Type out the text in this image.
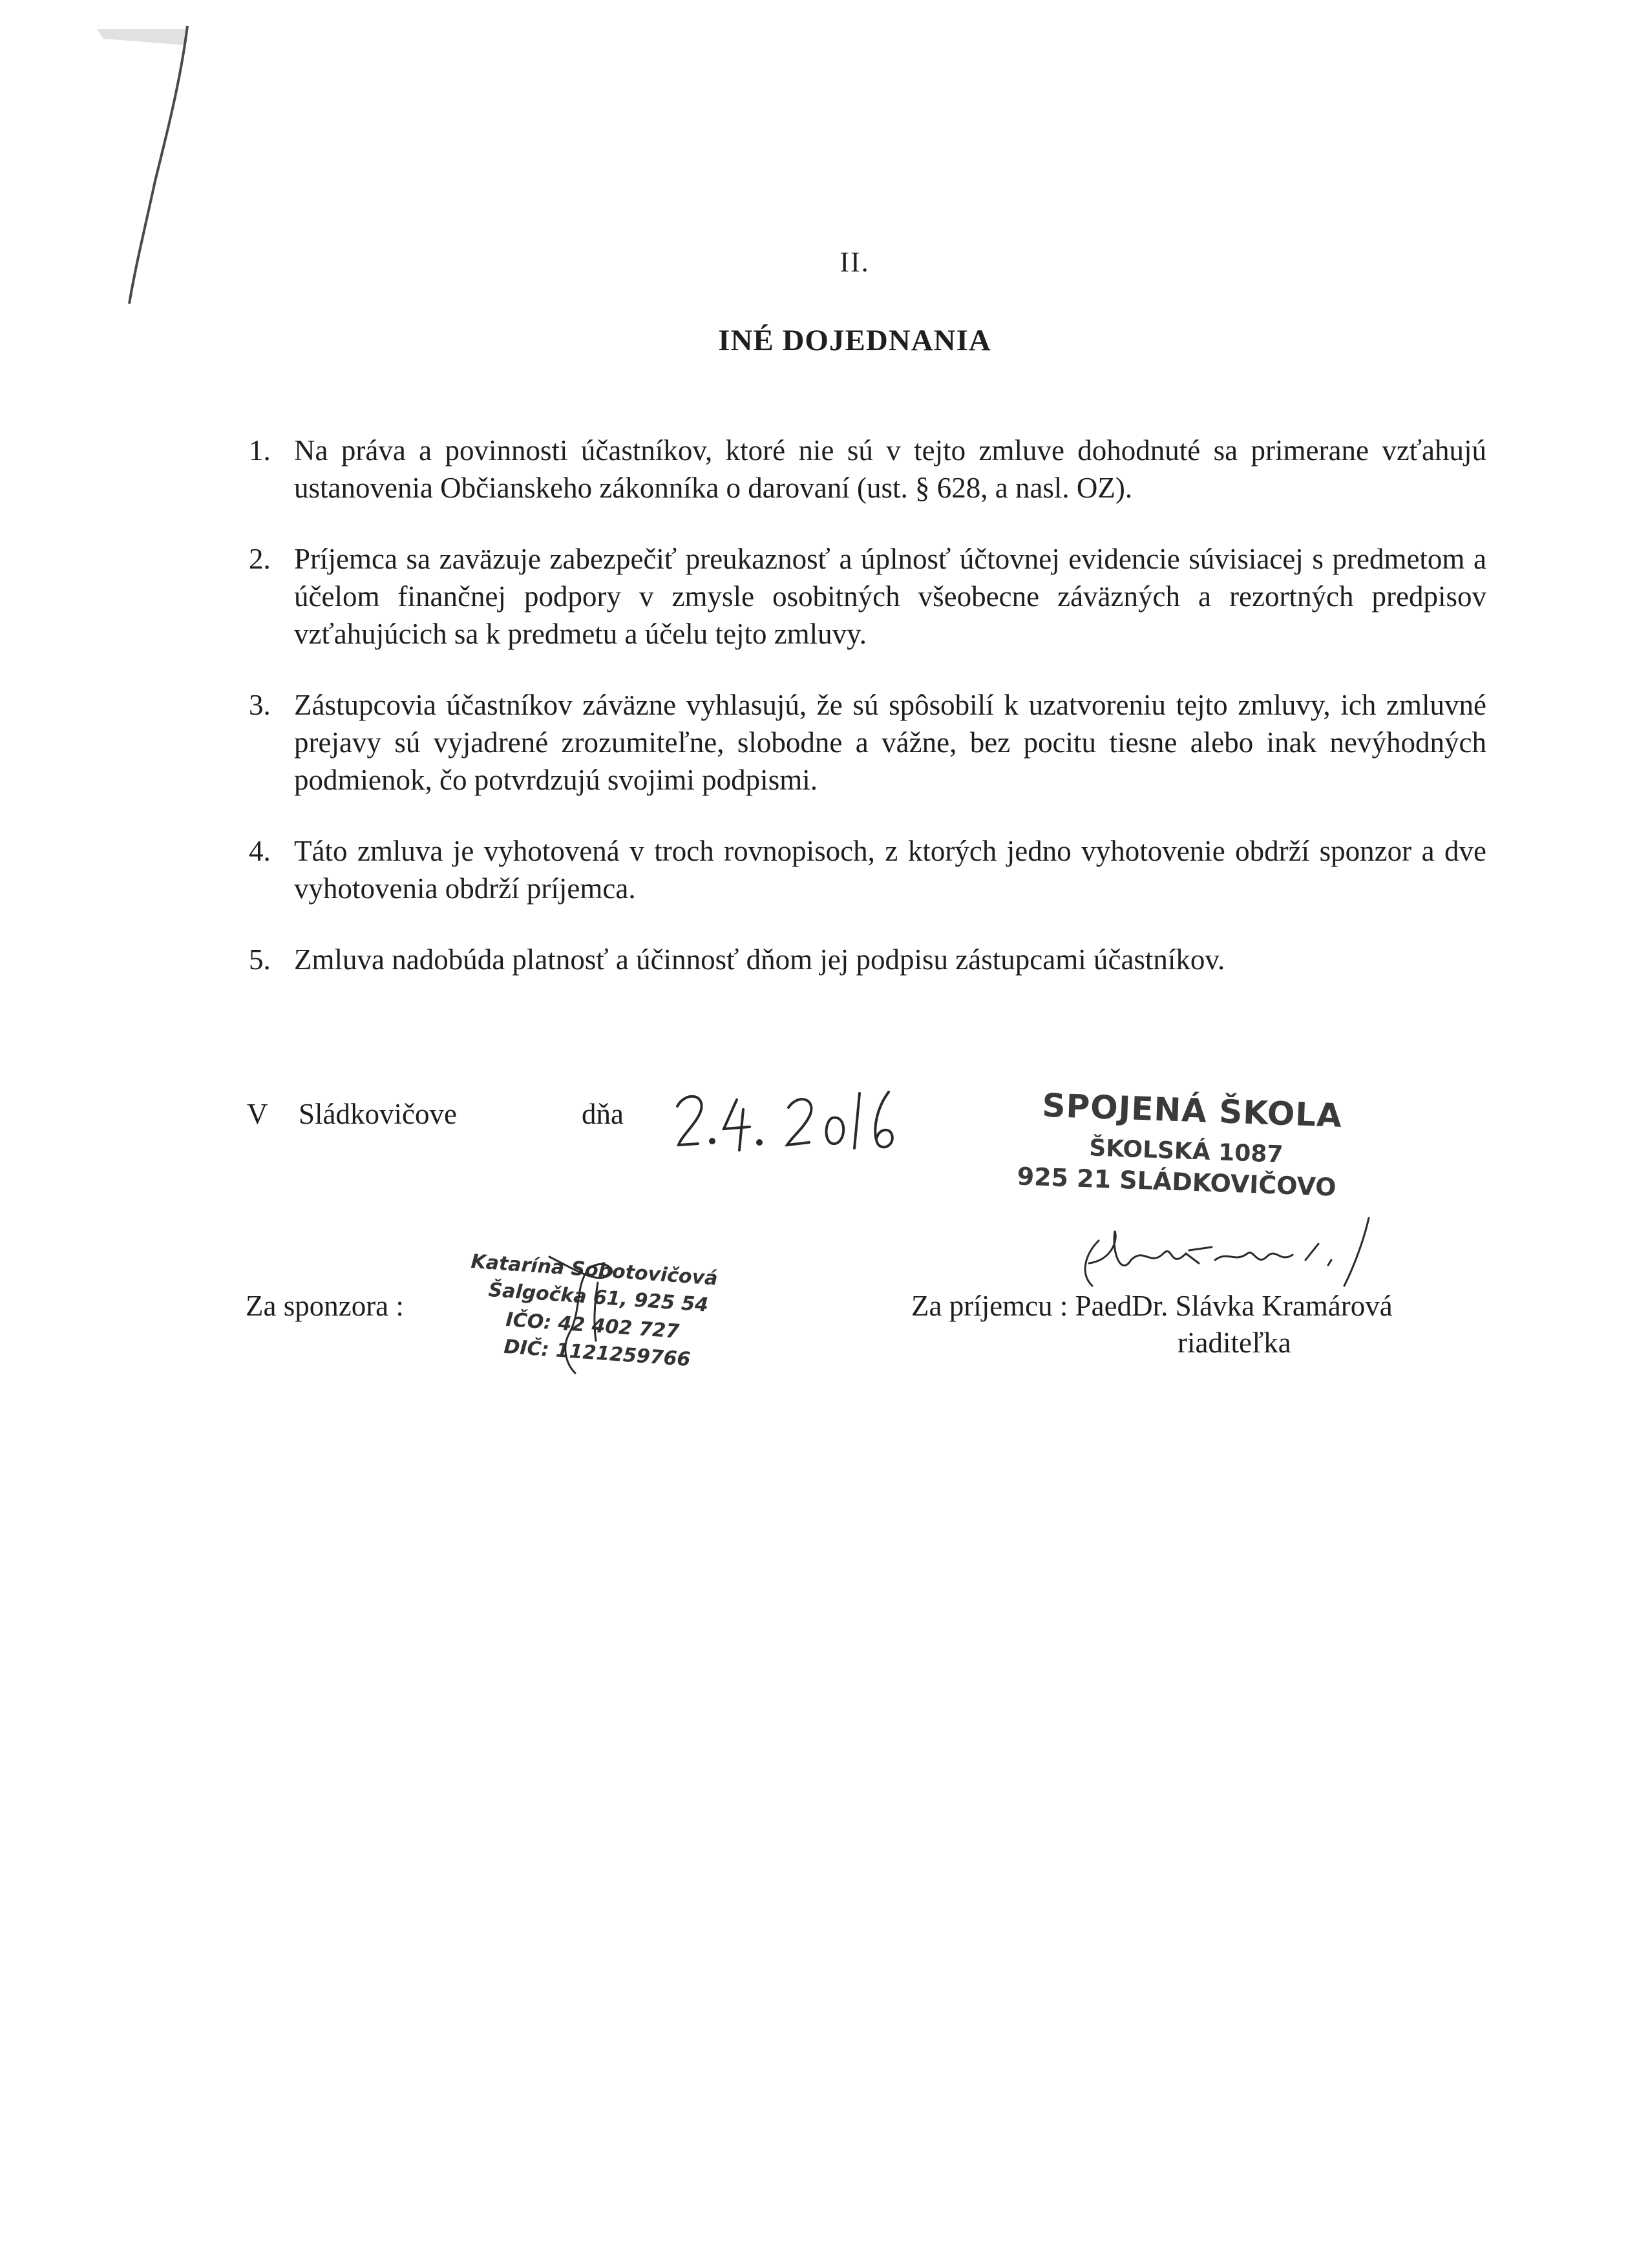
II.
INÉ DOJEDNANIA
1. Na práva a povinnosti účastníkov, ktoré nie sú v tejto zmluve dohodnuté sa primerane vzťahujú ustanovenia Občianskeho zákonníka o darovaní (ust. § 628, a nasl. OZ).
2. Príjemca sa zaväzuje zabezpečiť preukaznosť a úplnosť účtovnej evidencie súvisiacej s predmetom a účelom finančnej podpory v zmysle osobitných všeobecne záväzných a rezortných predpisov vzťahujúcich sa k predmetu a účelu tejto zmluvy.
3. Zástupcovia účastníkov záväzne vyhlasujú, že sú spôsobilí k uzatvoreniu tejto zmluvy, ich zmluvné prejavy sú vyjadrené zrozumiteľne, slobodne a vážne, bez pocitu tiesne alebo inak nevýhodných podmienok, čo potvrdzujú svojimi podpismi.
4. Táto zmluva je vyhotovená v troch rovnopisoch, z ktorých jedno vyhotovenie obdrží sponzor a dve vyhotovenia obdrží príjemca.
5. Zmluva nadobúda platnosť a účinnosť dňom jej podpisu zástupcami účastníkov.
V Sládkovičove	dňa	SPOJENÁ ŠKOLA
ŠKOLSKÁ 1087
925 21 SLÁDKOVIČOVO
Katarína Sobotovičová
Šalgočka 61, 925 54
IČO: 42 402 727
DIČ: 1121259766
Za sponzora :	Za príjemcu : PaedDr. Slávka Kramárová
riaditeľka
